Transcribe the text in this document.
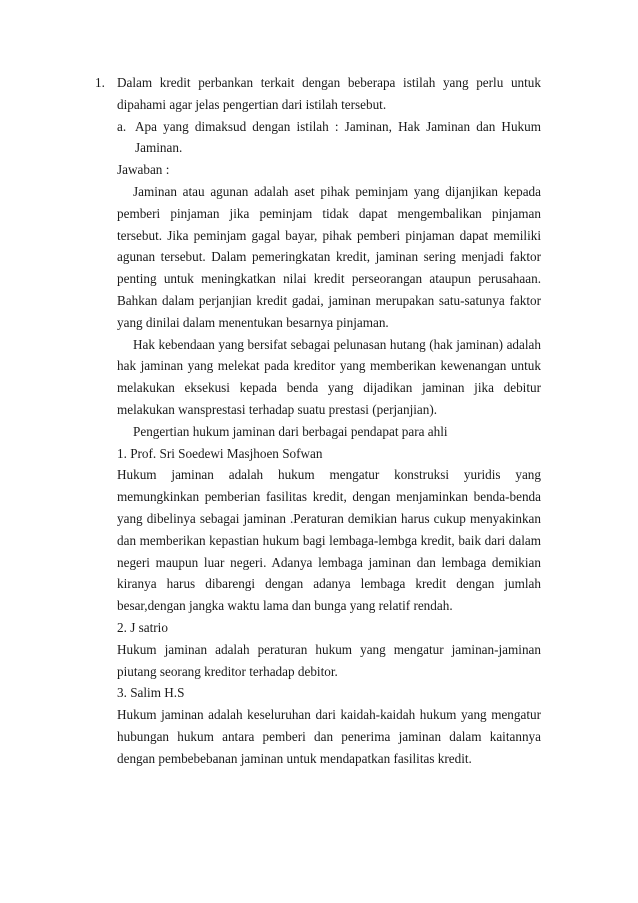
1. Dalam kredit perbankan terkait dengan beberapa istilah yang perlu untuk dipahami agar jelas pengertian dari istilah tersebut.

a. Apa yang dimaksud dengan istilah : Jaminan, Hak Jaminan dan Hukum Jaminan.

Jawaban :

Jaminan atau agunan adalah aset pihak peminjam yang dijanjikan kepada pemberi pinjaman jika peminjam tidak dapat mengembalikan pinjaman tersebut. Jika peminjam gagal bayar, pihak pemberi pinjaman dapat memiliki agunan tersebut. Dalam pemeringkatan kredit, jaminan sering menjadi faktor penting untuk meningkatkan nilai kredit perseorangan ataupun perusahaan. Bahkan dalam perjanjian kredit gadai, jaminan merupakan satu-satunya faktor yang dinilai dalam menentukan besarnya pinjaman.

Hak kebendaan yang bersifat sebagai pelunasan hutang (hak jaminan) adalah hak jaminan yang melekat pada kreditor yang memberikan kewenangan untuk melakukan eksekusi kepada benda yang dijadikan jaminan jika debitur melakukan wansprestasi terhadap suatu prestasi (perjanjian).

Pengertian hukum jaminan dari berbagai pendapat para ahli

1. Prof. Sri Soedewi Masjhoen Sofwan

Hukum jaminan adalah hukum mengatur konstruksi yuridis yang memungkinkan pemberian fasilitas kredit, dengan menjaminkan benda-benda yang dibelinya sebagai jaminan .Peraturan demikian harus cukup menyakinkan dan memberikan kepastian hukum bagi lembaga-lembga kredit, baik dari dalam negeri maupun luar negeri. Adanya lembaga jaminan dan lembaga demikian kiranya harus dibarengi dengan adanya lembaga kredit dengan jumlah besar,dengan jangka waktu lama dan bunga yang relatif rendah.

2. J satrio

Hukum jaminan adalah peraturan hukum yang mengatur jaminan-jaminan piutang seorang kreditor terhadap debitor.

3. Salim H.S

Hukum jaminan adalah keseluruhan dari kaidah-kaidah hukum yang mengatur hubungan hukum antara pemberi dan penerima jaminan dalam kaitannya dengan pembebebanan jaminan untuk mendapatkan fasilitas kredit.
